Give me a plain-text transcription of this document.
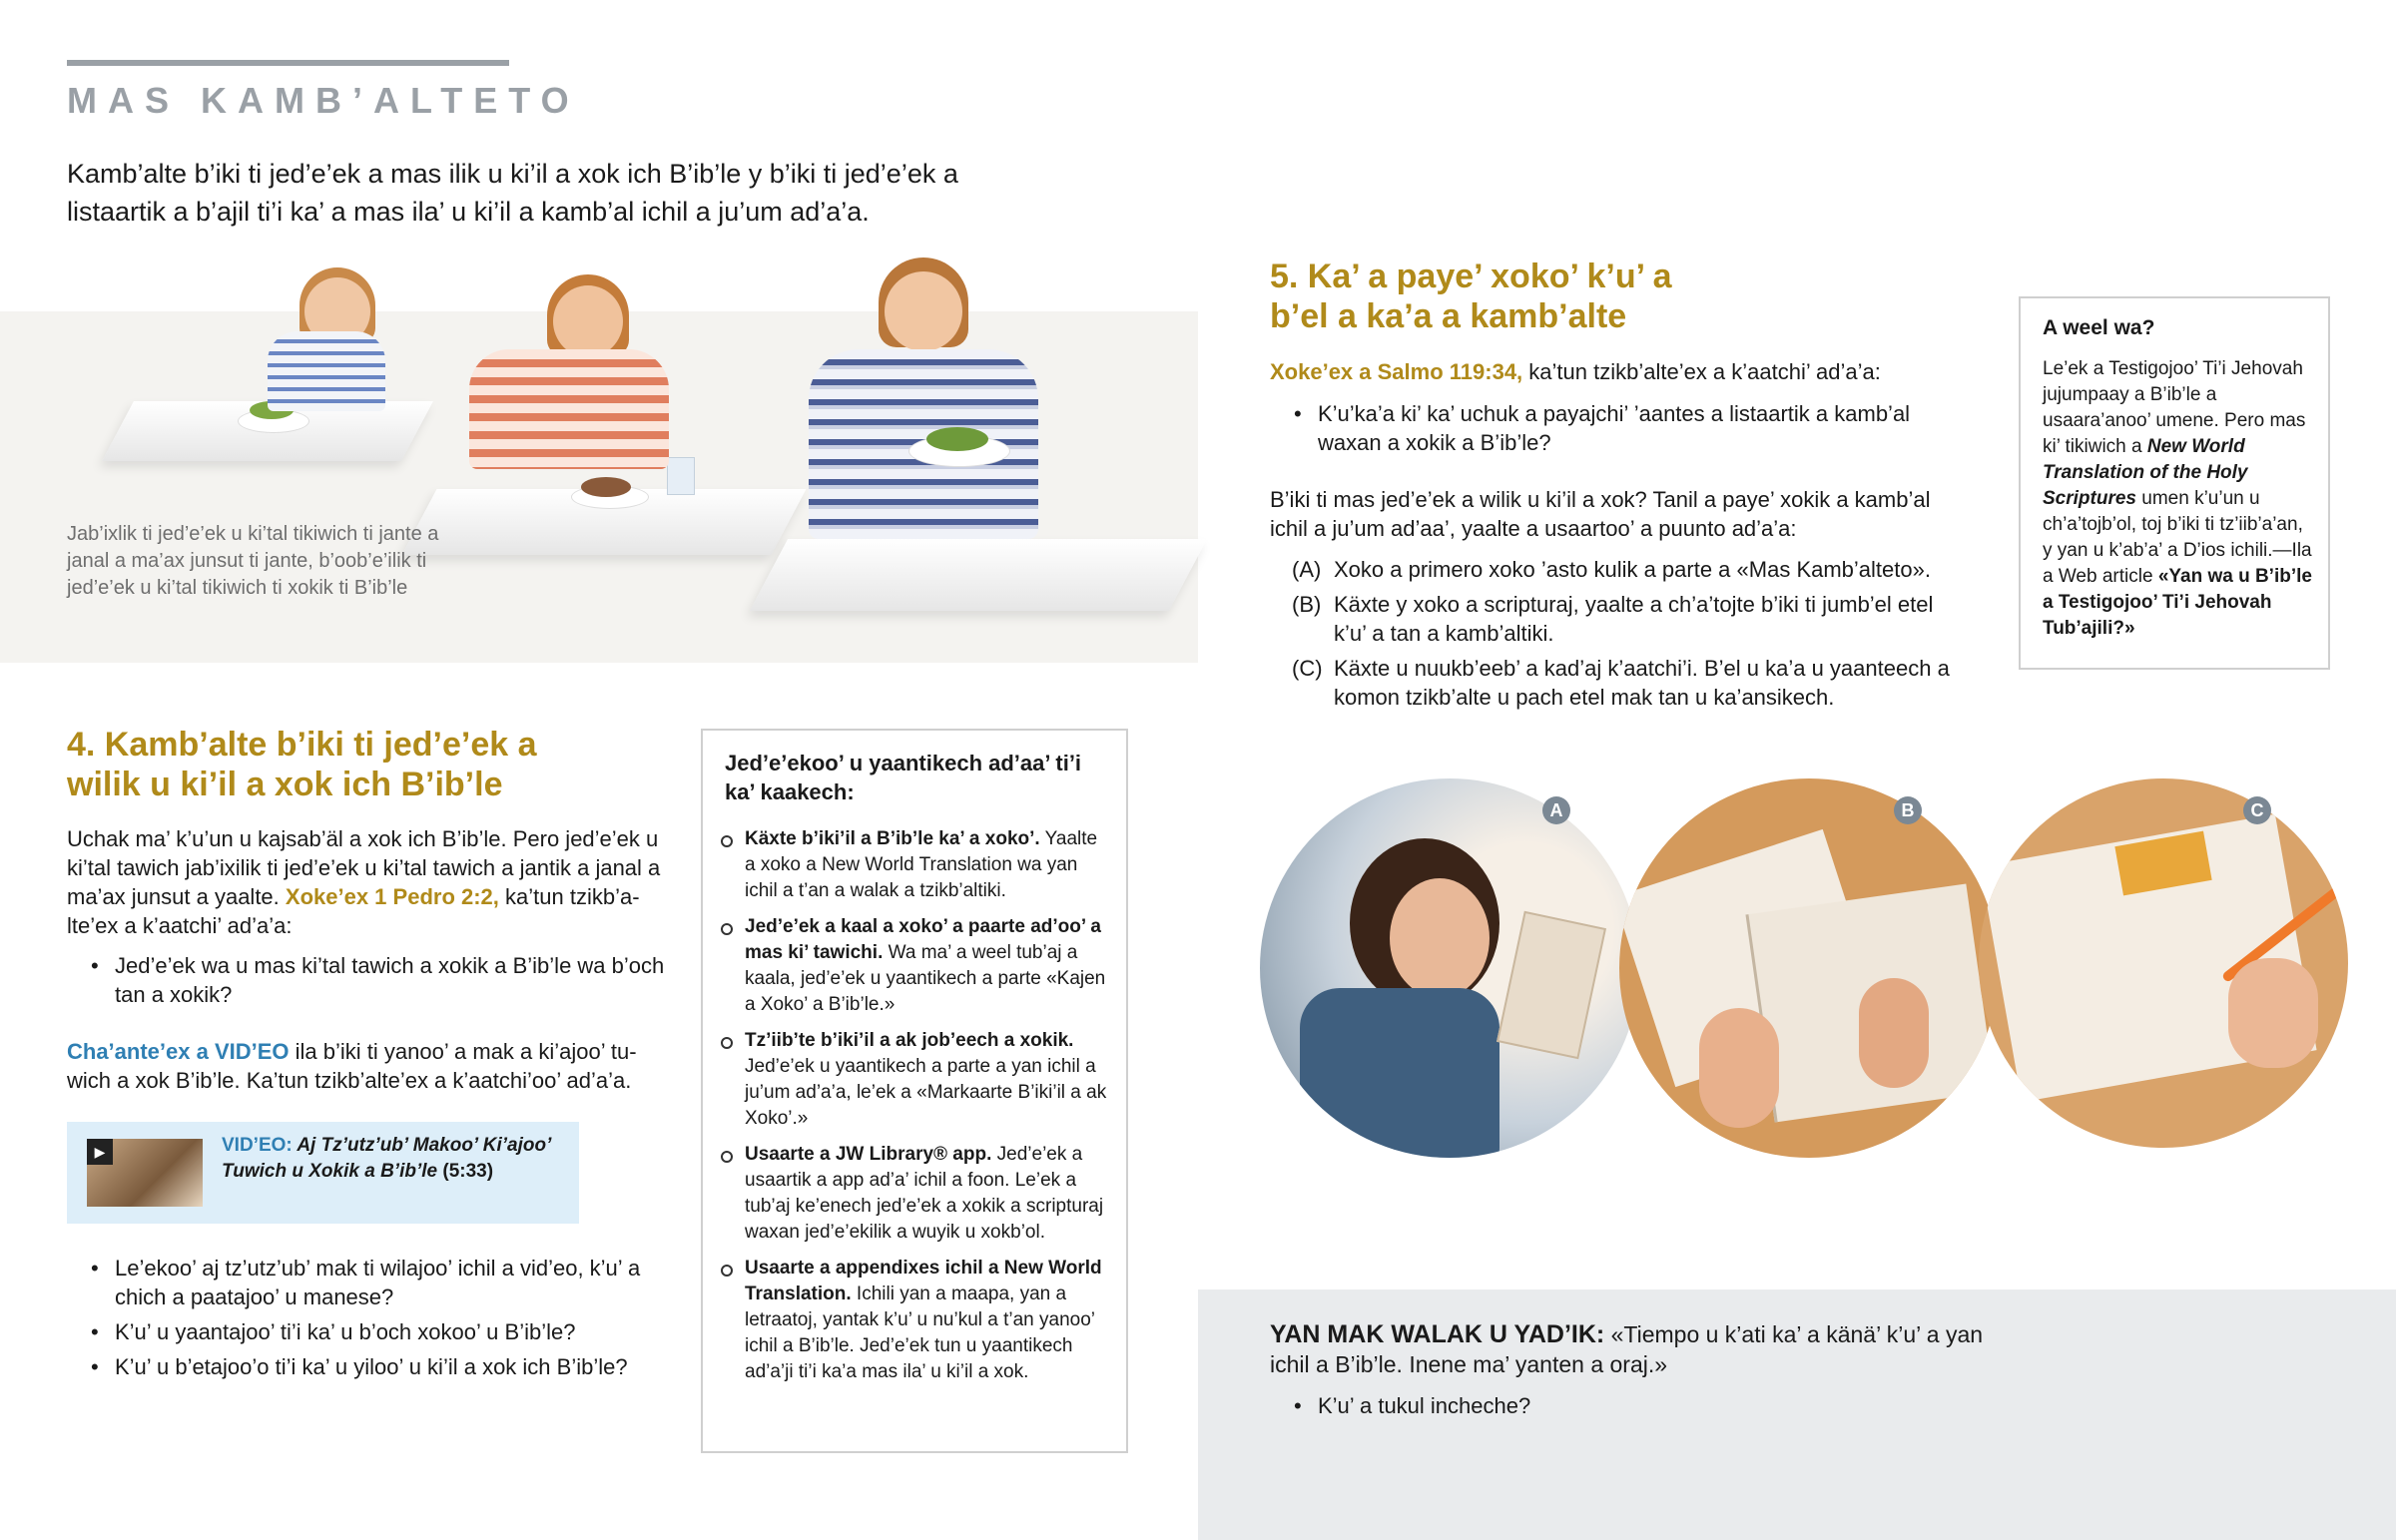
MAS KAMB’ALTETO
Kamb’alte b’iki ti jed’e’ek a mas ilik u ki’il a xok ich B’ib’le y b’iki ti jed’e’ek a listaartik a b’ajil ti’i ka’ a mas ila’ u ki’il a kamb’al ichil a ju’um ad’a’a.
Jab’ixlik ti jed’e’ek u ki’tal tikiwich ti jante a janal a ma’ax junsut ti jante, b’oob’e’ilik ti jed’e’ek u ki’tal tikiwich ti xokik ti B’ib’le
4. Kamb’alte b’iki ti jed’e’ek a wilik u ki’il a xok ich B’ib’le
Uchak ma’ k’u’un u kajsab’äl a xok ich B’ib’le. Pero jed’e’ek u ki’tal tawich jab’ixilik ti jed’e’ek u ki’tal tawich a jantik a janal a ma’ax junsut a yaalte. Xoke’ex 1 Pedro 2:2, ka’tun tzikb’alte’ex a k’aatchi’ ad’a’a:
• Jed’e’ek wa u mas ki’tal tawich a xokik a B’ib’le wa b’och tan a xokik?
Cha’ante’ex a VID’EO ila b’iki ti yanoo’ a mak a ki’ajoo’ tuwich a xok B’ib’le. Ka’tun tzikb’alte’ex a k’aatchi’oo’ ad’a’a.
▶	VID’EO: Aj Tz’utz’ub’ Makoo’ Ki’ajoo’ Tuwich u Xokik a B’ib’le (5:33)
• Le’ekoo’ aj tz’utz’ub’ mak ti wilajoo’ ichil a vid’eo, k’u’ a chich a paatajoo’ u manese?
• K’u’ u yaantajoo’ ti’i ka’ u b’och xokoo’ u B’ib’le?
• K’u’ u b’etajoo’o ti’i ka’ u yiloo’ u ki’il a xok ich B’ib’le?
Jed’e’ekoo’ u yaantikech ad’aa’ ti’i ka’ kaakech:
Käxte b’iki’il a B’ib’le ka’ a xoko’. Yaalte a xoko a New World Translation wa yan ichil a t’an a walak a tzikb’altiki.
Jed’e’ek a kaal a xoko’ a paarte ad’oo’ a mas ki’ tawichi. Wa ma’ a weel tub’aj a kaala, jed’e’ek u yaantikech a parte «Kajen a Xoko’ a B’ib’le.»
Tz’iib’te b’iki’il a ak job’eech a xokik. Jed’e’ek u yaantikech a parte a yan ichil a ju’um ad’a’a, le’ek a «Markaarte B’iki’il a ak Xoko’.»
Usaarte a JW Library® app. Jed’e’ek a usaartik a app ad’a’ ichil a foon. Le’ek a tub’aj ke’enech jed’e’ek a xokik a scripturaj waxan jed’e’ekilik a wuyik u xokb’ol.
Usaarte a appendixes ichil a New World Translation. Ichili yan a maapa, yan a letraatoj, yantak k’u’ u nu’kul a t’an yanoo’ ichil a B’ib’le. Jed’e’ek tun u yaantikech ad’a’ji ti’i ka’a mas ila’ u ki’il a xok.
5. Ka’ a paye’ xoko’ k’u’ a b’el a ka’a a kamb’alte
Xoke’ex a Salmo 119:34, ka’tun tzikb’alte’ex a k’aatchi’ ad’a’a:
• K’u’ka’a ki’ ka’ uchuk a payajchi’ ’aantes a listaartik a kamb’al waxan a xokik a B’ib’le?
B’iki ti mas jed’e’ek a wilik u ki’il a xok? Tanil a paye’ xokik a kamb’al ichil a ju’um ad’aa’, yaalte a usaartoo’ a puunto ad’a’a:
(A) Xoko a primero xoko ’asto kulik a parte a «Mas Kamb’alteto».
(B) Käxte y xoko a scripturaj, yaalte a ch’a’tojte b’iki ti jumb’el etel k’u’ a tan a kamb’altiki.
(C) Käxte u nuukb’eeb’ a kad’aj k’aatchi’i. B’el u ka’a u yaanteech a komon tzikb’alte u pach etel mak tan u ka’ansikech.
A weel wa?
Le’ek a Testigojoo’ Ti’i Jehovah jujumpaay a B’ib’le a usaara’anoo’ umene. Pero mas ki’ tikiwich a New World Translation of the Holy Scriptures umen k’u’un u ch’a’tojb’ol, toj b’iki ti tz’iib’a’an, y yan u k’ab’a’ a D’ios ichili.—Ila a Web article «Yan wa u B’ib’le a Testigojoo’ Ti’i Jehovah Tub’ajili?»
A	B	C
YAN MAK WALAK U YAD’IK: «Tiempo u k’ati ka’ a känä’ k’u’ a yan ichil a B’ib’le. Inene ma’ yanten a oraj.»
• K’u’ a tukul incheche?
